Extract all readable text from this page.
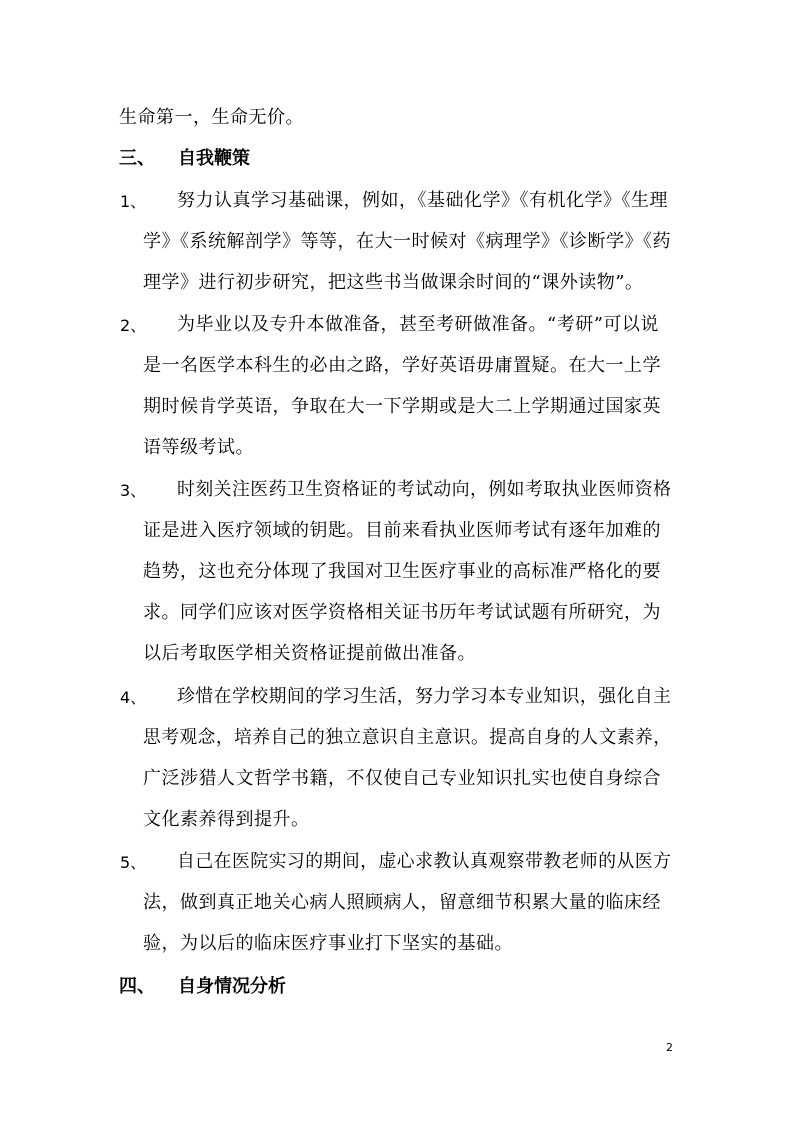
生命第一，生命无价。
三、 自我鞭策
1、 努力认真学习基础课，例如，《基础化学》《有机化学》《生理
学》《系统解剖学》等等，在大一时候对《病理学》《诊断学》《药
理学》进行初步研究，把这些书当做课余时间的“课外读物”。
2、 为毕业以及专升本做准备，甚至考研做准备。“考研”可以说
是一名医学本科生的必由之路，学好英语毋庸置疑。在大一上学
期时候肯学英语，争取在大一下学期或是大二上学期通过国家英
语等级考试。
3、 时刻关注医药卫生资格证的考试动向，例如考取执业医师资格
证是进入医疗领域的钥匙。目前来看执业医师考试有逐年加难的
趋势，这也充分体现了我国对卫生医疗事业的高标准严格化的要
求。同学们应该对医学资格相关证书历年考试试题有所研究，为
以后考取医学相关资格证提前做出准备。
4、 珍惜在学校期间的学习生活，努力学习本专业知识，强化自主
思考观念，培养自己的独立意识自主意识。提高自身的人文素养，
广泛涉猎人文哲学书籍，不仅使自己专业知识扎实也使自身综合
文化素养得到提升。
5、 自己在医院实习的期间，虚心求教认真观察带教老师的从医方
法，做到真正地关心病人照顾病人，留意细节积累大量的临床经
验，为以后的临床医疗事业打下坚实的基础。
四、 自身情况分析
2
